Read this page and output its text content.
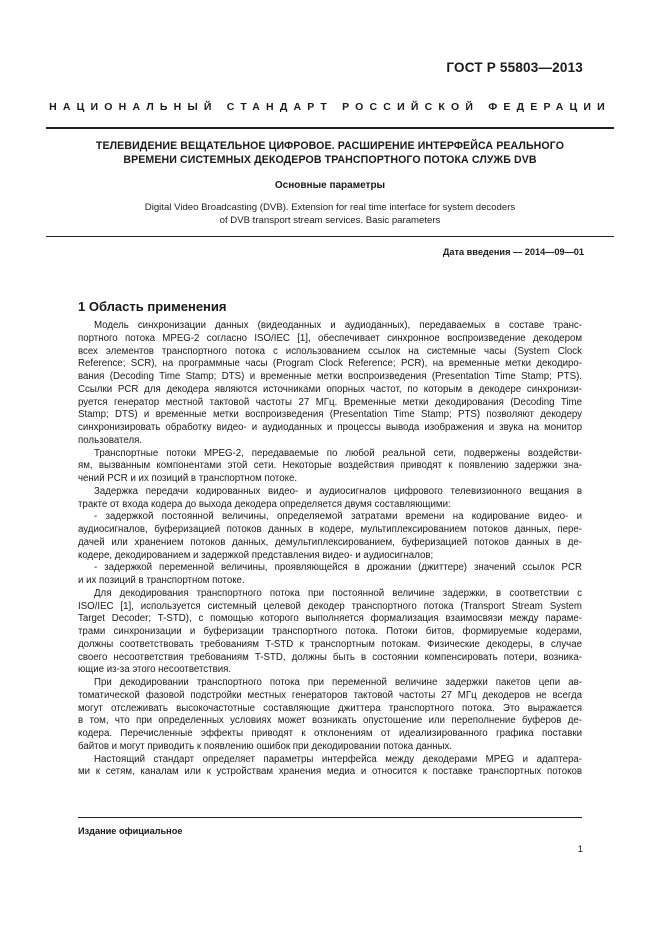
ГОСТ Р 55803—2013
НАЦИОНАЛЬНЫЙ СТАНДАРТ РОССИЙСКОЙ ФЕДЕРАЦИИ
ТЕЛЕВИДЕНИЕ ВЕЩАТЕЛЬНОЕ ЦИФРОВОЕ. РАСШИРЕНИЕ ИНТЕРФЕЙСА РЕАЛЬНОГО
ВРЕМЕНИ СИСТЕМНЫХ ДЕКОДЕРОВ ТРАНСПОРТНОГО ПОТОКА СЛУЖБ DVB
Основные параметры
Digital Video Broadcasting (DVB). Extension for real time interface for system decoders
of DVB transport stream services. Basic parameters
Дата введения — 2014—09—01
1 Область применения

Модель синхронизации данных (видеоданных и аудиоданных), передаваемых в составе транс-

портного потока MPEG-2 согласно ISO/IEC [1], обеспечивает синхронное воспроизведение декодером

всех элементов транспортного потока с использованием ссылок на системные часы (System Clock

Reference; SCR), на программные часы (Program Clock Reference; PCR), на временные метки декодиро-

вания (Decoding Time Stamp; DTS) и временные метки воспроизведения (Presentation Time Stamp; PTS).

Ссылки PCR для декодера являются источниками опорных частот, по которым в декодере синхронизи-

руется генератор местной тактовой частоты 27 МГц. Временные метки декодирования (Decoding Time

Stamp; DTS) и временные метки воспроизведения (Presentation Time Stamp; PTS) позволяют декодеру

синхронизировать обработку видео- и аудиоданных и процессы вывода изображения и звука на монитор пользователя.

Транспортные потоки MPEG-2, передаваемые по любой реальной сети, подвержены воздействи-

ям, вызванным компонентами этой сети. Некоторые воздействия приводят к появлению задержки зна-

чений PCR и их позиций в транспортном потоке.

Задержка передачи кодированных видео- и аудиосигналов цифрового телевизионного вещания в

тракте от входа кодера до выхода декодера определяется двумя составляющими:

- задержкой постоянной величины, определяемой затратами времени на кодирование видео- и

аудиосигналов, буферизацией потоков данных в кодере, мультиплексированием потоков данных, пере-

дачей или хранением потоков данных, демультиплексированием, буферизацией потоков данных в де-

кодере, декодированием и задержкой представления видео- и аудиосигналов;

- задержкой переменной величины, проявляющейся в дрожании (джиттере) значений ссылок PCR

и их позиций в транспортном потоке.

Для декодирования транспортного потока при постоянной величине задержки, в соответствии с

ISO/IEC [1], используется системный целевой декодер транспортного потока (Transport Stream System

Target Decoder; T-STD), с помощью которого выполняется формализация взаимосвязи между параме-

трами синхронизации и буферизации транспортного потока. Потоки битов, формируемые кодерами,

должны соответствовать требованиям T-STD к транспортным потокам. Физические декодеры, в случае

своего несоответствия требованиям T-STD, должны быть в состоянии компенсировать потери, возника-

ющие из-за этого несоответствия.

При декодировании транспортного потока при переменной величине задержки пакетов цепи ав-

томатической фазовой подстройки местных генераторов тактовой частоты 27 МГц декодеров не всегда

могут отслеживать высокочастотные составляющие джиттера транспортного потока. Это выражается

в том, что при определенных условиях может возникать опустошение или переполнение буферов де-

кодера. Перечисленные эффекты приводят к отклонениям от идеализированного графика поставки

байтов и могут приводить к появлению ошибок при декодировании потока данных.

Настоящий стандарт определяет параметры интерфейса между декодерами MPEG и адаптера-

ми к сетям, каналам или к устройствам хранения медиа и относится к поставке транспортных потоков

Издание официальное
1
